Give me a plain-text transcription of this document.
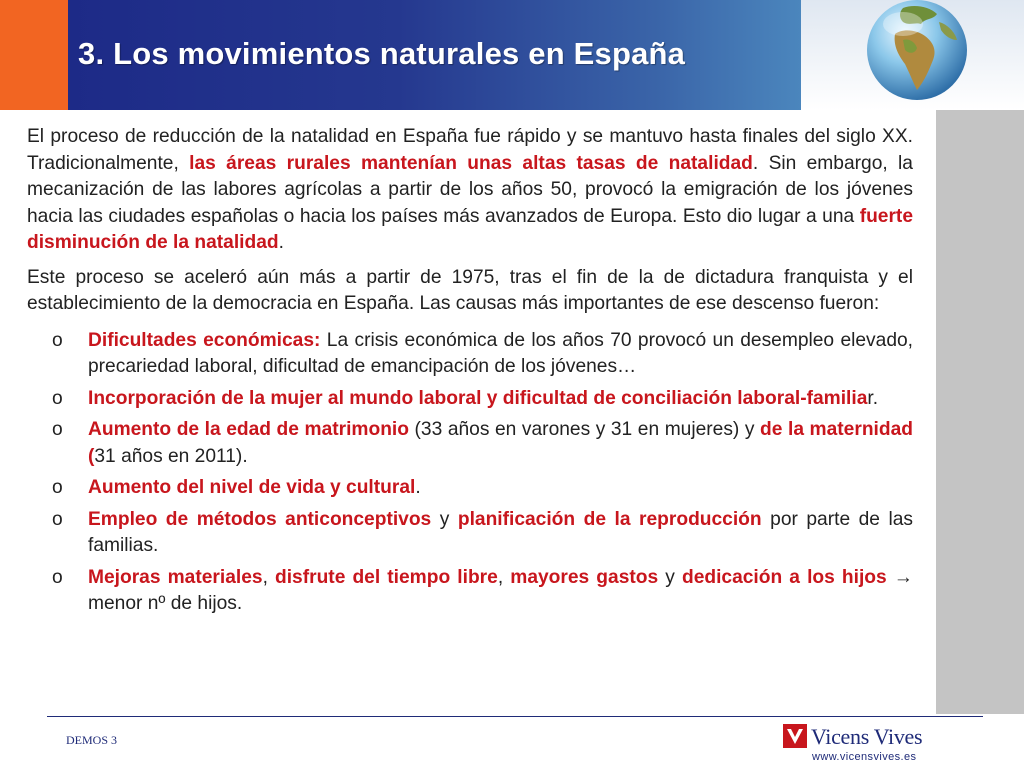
3. Los movimientos naturales en España

El proceso de reducción de la natalidad en España fue rápido y se mantuvo hasta finales del siglo XX. Tradicionalmente, las áreas rurales mantenían unas altas tasas de natalidad. Sin embargo, la mecanización de las labores agrícolas a partir de los años 50, provocó la emigración de los jóvenes hacia las ciudades españolas o hacia los países más avanzados de Europa. Esto dio lugar a una fuerte disminución de la natalidad.

Este proceso se aceleró aún más a partir de 1975, tras el fin de la de dictadura franquista y el establecimiento de la democracia en España. Las causas más importantes de ese descenso fueron:

o Dificultades económicas: La crisis económica de los años 70 provocó un desempleo elevado, precariedad laboral, dificultad de emancipación de los jóvenes…
o Incorporación de la mujer al mundo laboral y dificultad de conciliación laboral-familiar.
o Aumento de la edad de matrimonio (33 años en varones y 31 en mujeres) y de la maternidad (31 años en 2011).
o Aumento del nivel de vida y cultural.
o Empleo de métodos anticonceptivos y planificación de la reproducción por parte de las familias.
o Mejoras materiales, disfrute del tiempo libre, mayores gastos y dedicación a los hijos → menor nº de hijos.
DEMOS 3	Vicens Vives
www.vicensvives.es
